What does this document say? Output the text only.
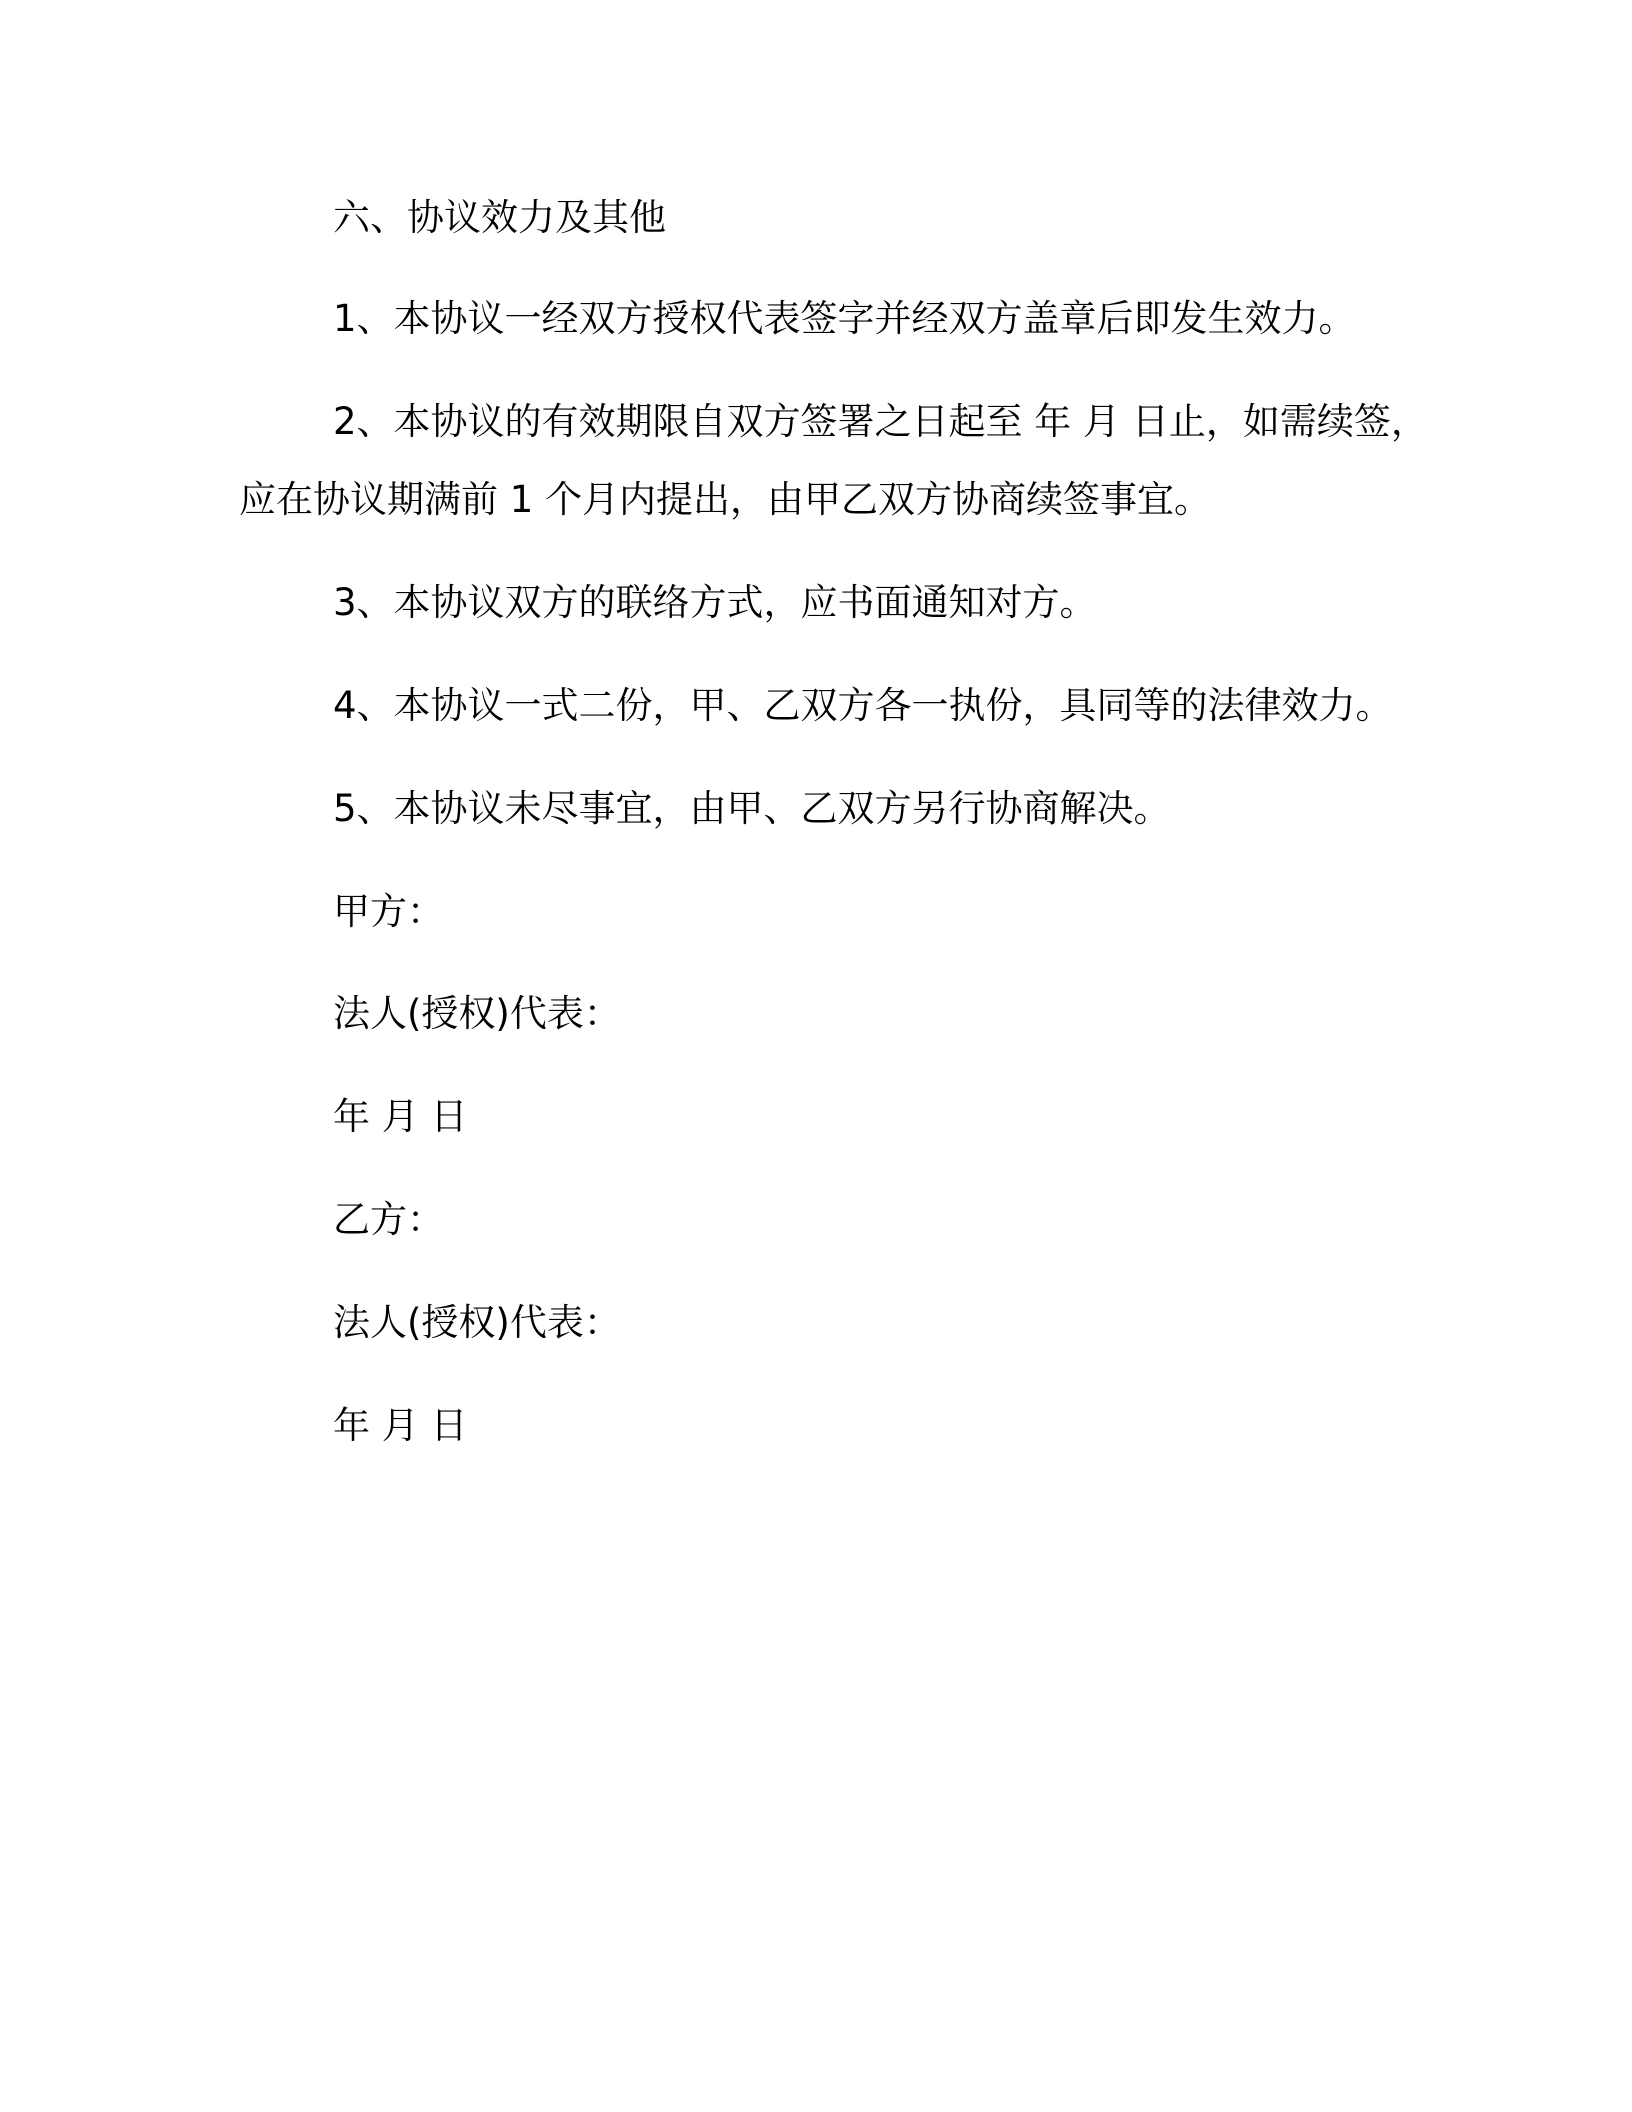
六、协议效力及其他
1、本协议一经双方授权代表签字并经双方盖章后即发生效力。
2、本协议的有效期限自双方签署之日起至 年 月 日止，如需续签，
应在协议期满前 1 个月内提出，由甲乙双方协商续签事宜。
3、本协议双方的联络方式，应书面通知对方。
4、本协议一式二份，甲、乙双方各一执份，具同等的法律效力。
5、本协议未尽事宜，由甲、乙双方另行协商解决。
甲方：
法人(授权)代表：
年 月 日
乙方：
法人(授权)代表：
年 月 日
